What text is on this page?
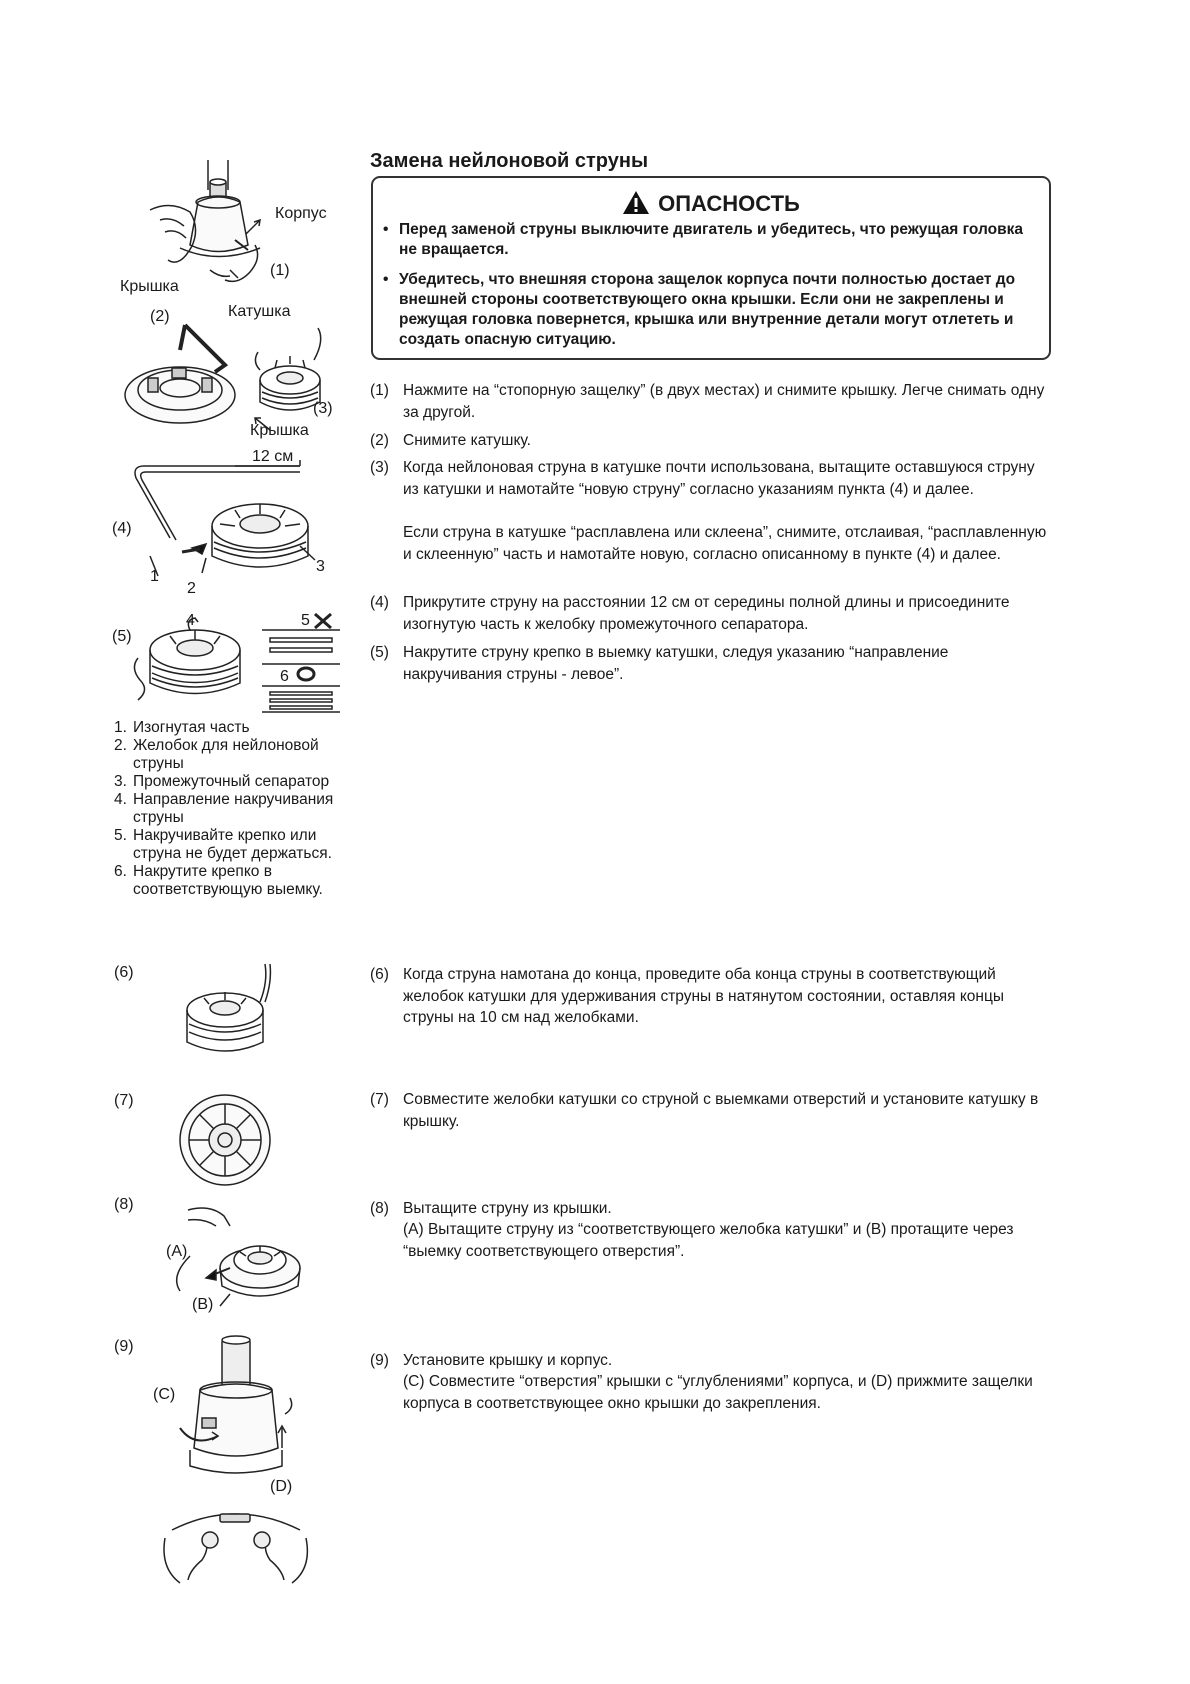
Замена нейлоновой струны
ОПАСНОСТЬ
• Перед заменой струны выключите двигатель и убедитесь, что режущая головка не вращается.
• Убедитесь, что внешняя сторона защелок корпуса почти полностью достает до внешней стороны соответствующего окна крышки. Если они не закреплены и режущая головка повернется, крышка или внутренние детали могут отлететь и создать опасную ситуацию.
(1) Нажмите на “стопорную защелку” (в двух местах) и снимите крышку. Легче снимать одну за другой.
(2) Снимите катушку.
(3) Когда нейлоновая струна в катушке почти использована, вытащите оставшуюся струну из катушки и намотайте “новую струну” согласно указаниям пункта (4) и далее.
Если струна в катушке “расплавлена или склеена”, снимите, отслаивая, “расплавленную и склеенную” часть и намотайте новую, согласно описанному в пункте (4) и далее.
(4) Прикрутите струну на расстоянии 12 см от середины полной длины и присоедините изогнутую часть к желобку промежуточного сепаратора.
(5) Накрутите струну крепко в выемку катушки, следуя указанию “направление накручивания струны - левое”.
(6) Когда струна намотана до конца, проведите оба конца струны в соответствующий желобок катушки для удерживания струны в натянутом состоянии, оставляя концы струны на 10 см над желобками.
(7) Совместите желобки катушки со струной с выемками отверстий и установите катушку в крышку.
(8) Вытащите струну из крышки.
(A) Вытащите струну из “соответствующего желобка катушки” и (B) протащите через “выемку соответствующего отверстия”.
(9) Установите крышку и корпус.
(C) Совместите “отверстия” крышки с “углублениями” корпуса, и (D) прижмите защелки корпуса в соответствующее окно крышки до закрепления.
Корпус
(1)
Крышка
(2)	Катушка
(3)
Крышка
12 см
(4)
1
2
3
(5)
4	5
6
1. Изогнутая часть
2. Желобок для нейлоновой струны
3. Промежуточный сепаратор
4. Направление накручивания струны
5. Накручивайте крепко или струна не будет держаться.
6. Накрутите крепко в соответствующую выемку.
(6)
(7)
(8)
(A)
(B)
(9)
(C)
(D)
